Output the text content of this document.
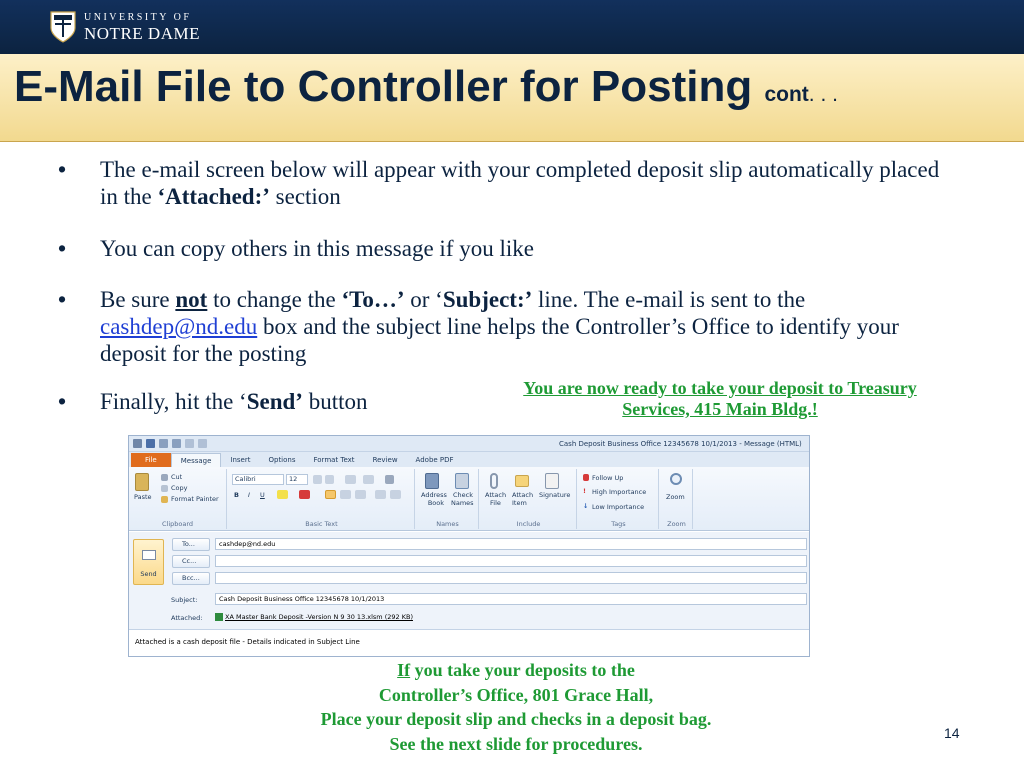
UNIVERSITY OF
NOTRE DAME
E-Mail File to Controller for Posting cont. . .
• The e-mail screen below will appear with your completed deposit slip automatically placed in the ‘Attached:’ section
• You can copy others in this message if you like
• Be sure not to change the ‘To…’ or ‘Subject:’ line. The e-mail is sent to the cashdep@nd.edu box and the subject line helps the Controller’s Office to identify your deposit for the posting
• Finally, hit the ‘Send’ button
You are now ready to take your deposit to Treasury Services, 415 Main Bldg.!
Cash Deposit Business Office 12345678 10/1/2013 - Message (HTML)
File	Message	Insert	Options	Format Text	Review	Adobe PDF
Paste
Cut
Copy
Format Painter
Clipboard
Calibri	12
B I U
Basic Text
Address
Book
Check
Names
Names
Attach
File
Attach
Item
Signature
Include
Follow Up
! High Importance
↓ Low Importance
Tags
Zoom
Zoom
Send
To...	cashdep@nd.edu
Cc...
Bcc...
Subject:	Cash Deposit Business Office 12345678 10/1/2013
Attached:	XA Master Bank Deposit -Version N 9 30 13.xlsm (292 KB)
Attached is a cash deposit file - Details indicated in Subject Line
If you take your deposits to the
Controller’s Office, 801 Grace Hall,
Place your deposit slip and checks in a deposit bag.
See the next slide for procedures.
14
